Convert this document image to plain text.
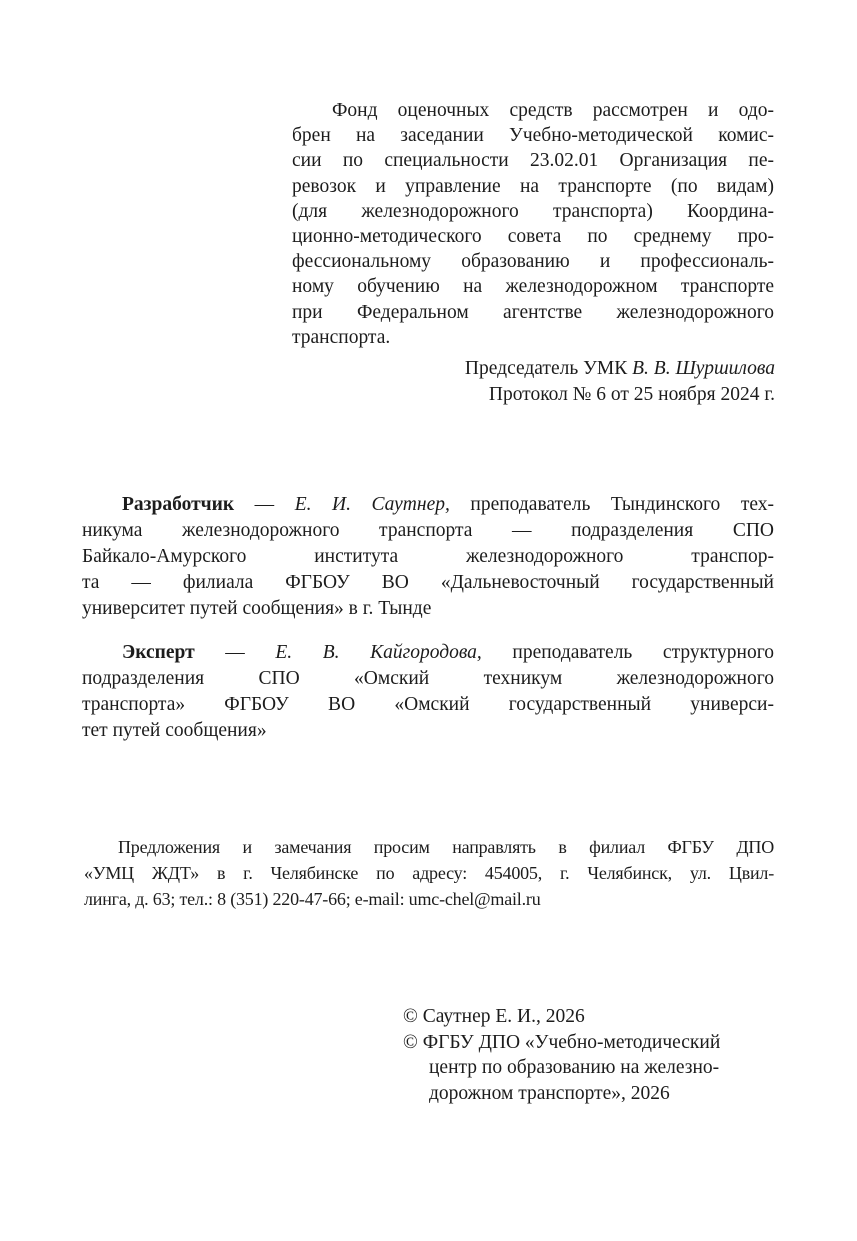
Фонд оценочных средств рассмотрен и одо-
брен на заседании Учебно-методической комис-
сии по специальности 23.02.01 Организация пе-
ревозок и управление на транспорте (по видам)
(для железнодорожного транспорта) Координа-
ционно-методического совета по среднему про-
фессиональному образованию и профессиональ-
ному обучению на железнодорожном транспорте
при Федеральном агентстве железнодорожного
транспорта.
Председатель УМК В. В. Шуршилова
Протокол № 6 от 25 ноября 2024 г.
Разработчик — Е. И. Саутнер, преподаватель Тындинского тех-
никума железнодорожного транспорта — подразделения СПО
Байкало-Амурского института железнодорожного транспор-
та — филиала ФГБОУ ВО «Дальневосточный государственный
университет путей сообщения» в г. Тынде
Эксперт — Е. В. Кайгородова, преподаватель структурного
подразделения СПО «Омский техникум железнодорожного
транспорта» ФГБОУ ВО «Омский государственный универси-
тет путей сообщения»
Предложения и замечания просим направлять в филиал ФГБУ ДПО
«УМЦ ЖДТ» в г. Челябинске по адресу: 454005, г. Челябинск, ул. Цвил-
линга, д. 63; тел.: 8 (351) 220-47-66; e-mail: umc-chel@mail.ru
© Саутнер Е. И., 2026
© ФГБУ ДПО «Учебно-методический
центр по образованию на железно-
дорожном транспорте», 2026
